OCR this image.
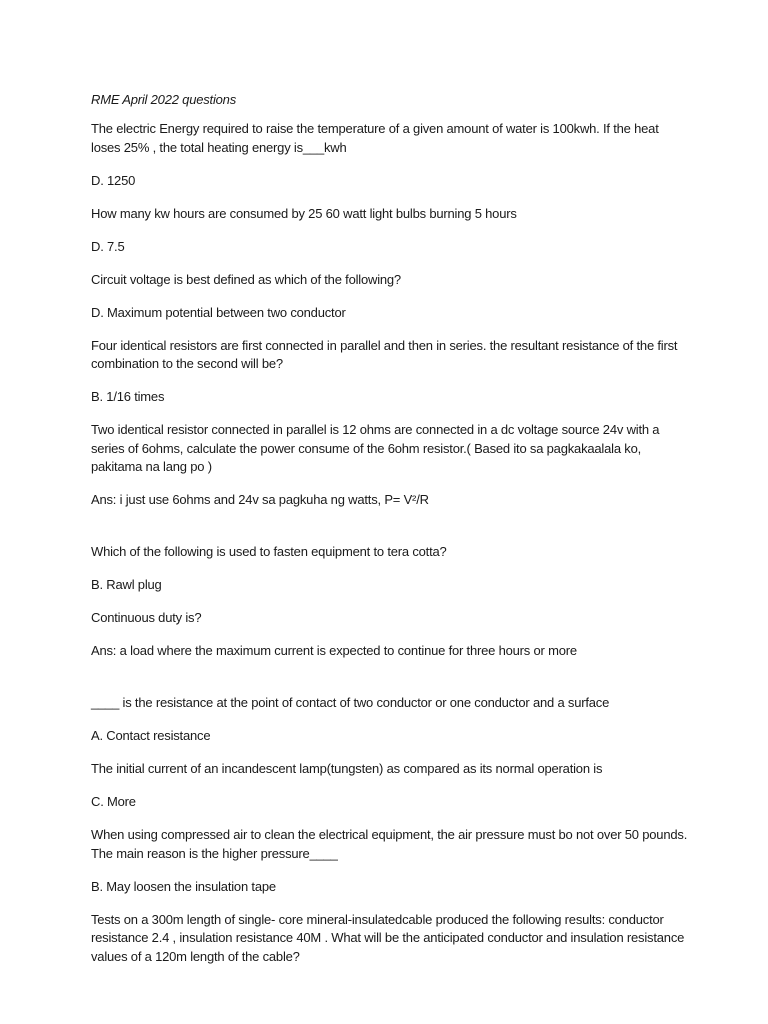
RME April 2022 questions

The electric Energy required to raise the temperature of a given amount of water is 100kwh. If the heat loses 25% , the total heating energy is___kwh

D. 1250

How many kw hours are consumed by 25 60 watt light bulbs burning 5 hours

D. 7.5

Circuit voltage is best defined as which of the following?

D. Maximum potential between two conductor

Four identical resistors are first connected in parallel and then in series. the resultant resistance of the first combination to the second will be?

B. 1/16 times

Two identical resistor connected in parallel is 12 ohms are connected in a dc voltage source 24v with a series of 6ohms, calculate the power consume of the 6ohm resistor.( Based ito sa pagkakaalala ko, pakitama na lang po )

Ans: i just use 6ohms and 24v sa pagkuha ng watts, P= V²/R

Which of the following is used to fasten equipment to tera cotta?

B. Rawl plug

Continuous duty is?

Ans: a load where the maximum current is expected to continue for three hours or more

____ is the resistance at the point of contact of two conductor or one conductor and a surface

A. Contact resistance

The initial current of an incandescent lamp(tungsten) as compared as its normal operation is

C. More

When using compressed air to clean the electrical equipment, the air pressure must bo not over 50 pounds. The main reason is the higher pressure____

B. May loosen the insulation tape

Tests on a 300m length of single- core mineral-insulatedcable produced the following results: conductor resistance 2.4 , insulation resistance 40M . What will be the anticipated conductor and insulation resistance values of a 120m length of the cable?
